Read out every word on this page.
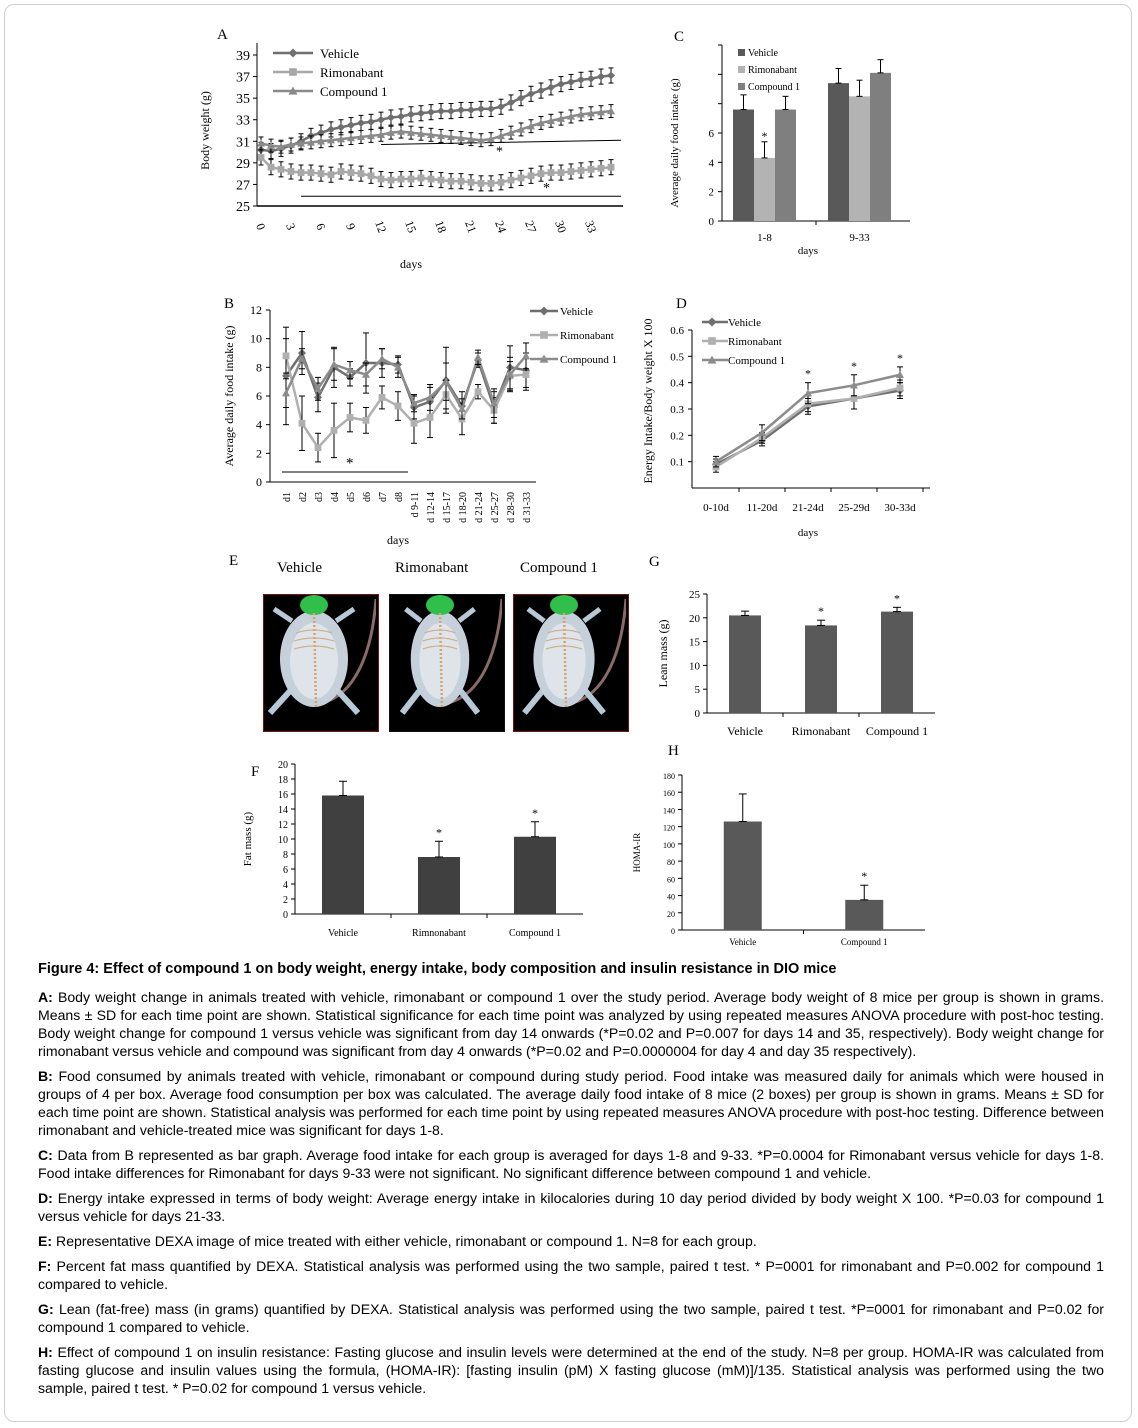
A
25
27
29
31
33
35
37
39
0 3 6 9 12 15 18 21 24 27 30 33
Body weight (g)
days
*
*
Vehicle
Rimonabant
Compound 1
C
0
2
4
6
Average daily food intake (g)
days
1-8	9-33
*
Vehicle
Rimonabant
Compound 1
B
0
2
4
6
8
10
12
d1 d2 d3 d4 d5 d6 d7 d8 d 9-11 d 12-14 d 15-17 d 18-20 d 21-24 d 25-27 d 28-30 d 31-33
Average daily food intake (g)
days
*
Vehicle
Rimonabant
Compound 1
D
0.1
0.2
0.3
0.4
0.5
0.6
0-10d 11-20d 21-24d 25-29d 30-33d
Energy Intake/Body weight X 100
days
Vehicle
Rimonabant
Compound 1
*
*
*
E	Vehicle	Rimonabant	Compound 1	G
0
5
10
15
20
25
Lean mass (g)
Vehicle Rimonabant
*
Compound 1
*
F
0
2
4
6
8
10
12
14
16
18
20
Fat mass (g)
Vehicle	Rimnonabant
*
Compound 1
*
H
0
20
40
60
80
100
120
140
160
180
HOMA-IR
Vehicle	Compound 1
*
Figure 4: Effect of compound 1 on body weight, energy intake, body composition and insulin resistance in DIO mice

A: Body weight change in animals treated with vehicle, rimonabant or compound 1 over the study period. Average body weight of 8 mice per group is shown in grams. Means ± SD for each time point are shown. Statistical significance for each time point was analyzed by using repeated measures ANOVA procedure with post-hoc testing. Body weight change for compound 1 versus vehicle was significant from day 14 onwards (*P=0.02 and P=0.007 for days 14 and 35, respectively). Body weight change for rimonabant versus vehicle and compound was significant from day 4 onwards (*P=0.02 and P=0.0000004 for day 4 and day 35 respectively).

B: Food consumed by animals treated with vehicle, rimonabant or compound during study period. Food intake was measured daily for animals which were housed in groups of 4 per box. Average food consumption per box was calculated. The average daily food intake of 8 mice (2 boxes) per group is shown in grams. Means ± SD for each time point are shown. Statistical analysis was performed for each time point by using repeated measures ANOVA procedure with post-hoc testing. Difference between rimonabant and vehicle-treated mice was significant for days 1-8.

C: Data from B represented as bar graph. Average food intake for each group is averaged for days 1-8 and 9-33. *P=0.0004 for Rimonabant versus vehicle for days 1-8. Food intake differences for Rimonabant for days 9-33 were not significant. No significant difference between compound 1 and vehicle.

D: Energy intake expressed in terms of body weight: Average energy intake in kilocalories during 10 day period divided by body weight X 100. *P=0.03 for compound 1 versus vehicle for days 21-33.

E: Representative DEXA image of mice treated with either vehicle, rimonabant or compound 1. N=8 for each group.

F: Percent fat mass quantified by DEXA. Statistical analysis was performed using the two sample, paired t test. * P=0001 for rimonabant and P=0.002 for compound 1 compared to vehicle.

G: Lean (fat-free) mass (in grams) quantified by DEXA. Statistical analysis was performed using the two sample, paired t test. *P=0001 for rimonabant and P=0.02 for compound 1 compared to vehicle.

H: Effect of compound 1 on insulin resistance: Fasting glucose and insulin levels were determined at the end of the study. N=8 per group. HOMA-IR was calculated from fasting glucose and insulin values using the formula, (HOMA-IR): [fasting insulin (pM) X fasting glucose (mM)]/135. Statistical analysis was performed using the two sample, paired t test. * P=0.02 for compound 1 versus vehicle.
